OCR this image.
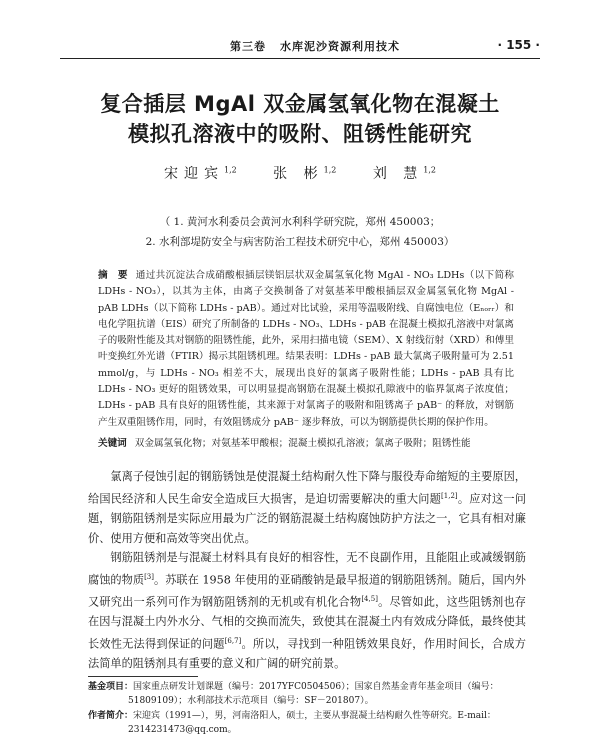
第三卷 水库泥沙资源利用技术	· 155 ·
复合插层 MgAl 双金属氢氧化物在混凝土
模拟孔溶液中的吸附、阻锈性能研究
宋迎宾$^{1,2}$	张 彬$^{1,2}$	刘 慧$^{1,2}$
（ 1. 黄河水利委员会黄河水利科学研究院，郑州 450003；
2. 水利部堤防安全与病害防治工程技术研究中心，郑州 450003）
摘　要 通过共沉淀法合成硝酸根插层镁铝层状双金属氢氧化物 MgAl - NO₃ LDHs（以下简称 LDHs - NO₃），以其为主体，由离子交换制备了对氨基苯甲酸根插层双金属氢氧化物 MgAl - pAB LDHs（以下简称 LDHs - pAB）。通过对比试验，采用等温吸附线、自腐蚀电位（Eₙₒᵣᵣ）和电化学阻抗谱（EIS）研究了所制备的 LDHs - NO₃、LDHs - pAB 在混凝土模拟孔溶液中对氯离子的吸附性能及其对钢筋的阻锈性能，此外，采用扫描电镜（SEM）、X 射线衍射（XRD）和傅里叶变换红外光谱（FTIR）揭示其阻锈机理。结果表明：LDHs - pAB 最大氯离子吸附量可为 2.51 mmol/g，与 LDHs - NO₃ 相差不大，展现出良好的氯离子吸附性能；LDHs - pAB 具有比 LDHs - NO₃ 更好的阻锈效果，可以明显提高钢筋在混凝土模拟孔隙液中的临界氯离子浓度值；LDHs - pAB 具有良好的阻锈性能，其来源于对氯离子的吸附和阻锈离子 pAB⁻ 的释放，对钢筋产生双重阻锈作用，同时，有效阻锈成分 pAB⁻ 逐步释放，可以为钢筋提供长期的保护作用。
关键词 双金属氢氧化物；对氨基苯甲酸根；混凝土模拟孔溶液；氯离子吸附；阻锈性能

氯离子侵蚀引起的钢筋锈蚀是使混凝土结构耐久性下降与服役寿命缩短的主要原因，给国民经济和人民生命安全造成巨大损害，是迫切需要解决的重大问题[1,2]。应对这一问题，钢筋阻锈剂是实际应用最为广泛的钢筋混凝土结构腐蚀防护方法之一，它具有相对廉价、使用方便和高效等突出优点。

钢筋阻锈剂是与混凝土材料具有良好的相容性，无不良副作用，且能阻止或减缓钢筋腐蚀的物质[3]。苏联在 1958 年使用的亚硝酸钠是最早报道的钢筋阻锈剂。随后，国内外又研究出一系列可作为钢筋阻锈剂的无机或有机化合物[4,5]。尽管如此，这些阻锈剂也存在因与混凝土内外水分、气相的交换而流失，致使其在混凝土内有效成分降低，最终使其长效性无法得到保证的问题[6,7]。所以，寻找到一种阻锈效果良好，作用时间长，合成方法简单的阻锈剂具有重要的意义和广阔的研究前景。

基金项目：国家重点研发计划课题（编号：2017YFC0504506）；国家自然基金青年基金项目（编号：
51809109）；水利部技术示范项目（编号：SF－201807）。
作者简介：宋迎宾（1991—），男，河南洛阳人，硕士，主要从事混凝土结构耐久性等研究。E-mail：
2314231473@qq.com。
